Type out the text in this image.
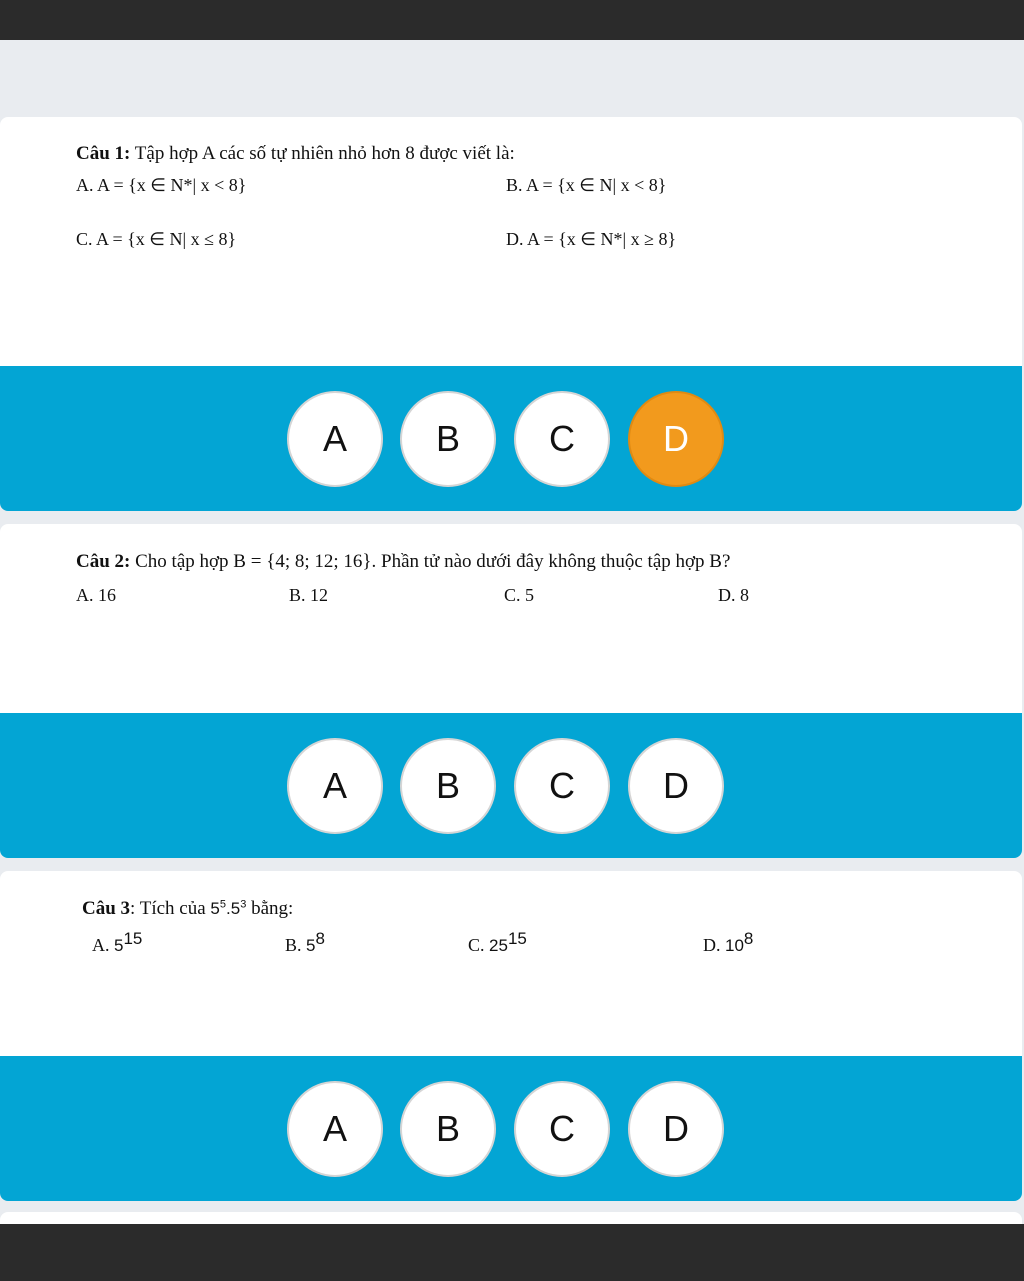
Câu 1: Tập hợp A các số tự nhiên nhỏ hơn 8 được viết là:
A. A = {x ∈ N*| x < 8}	B. A = {x ∈ N| x < 8}
C. A = {x ∈ N| x ≤ 8}	D. A = {x ∈ N*| x ≥ 8}
A	B	C	D
Câu 2: Cho tập hợp B = {4; 8; 12; 16}. Phần tử nào dưới đây không thuộc tập hợp B?
A. 16	B. 12	C. 5	D. 8
A	B	C	D
Câu 3: Tích của $5^5.5^3$ bằng:
A. $5^{15}$	B. $5^8$	C. $25^{15}$	D. $10^8$
A	B	C	D
